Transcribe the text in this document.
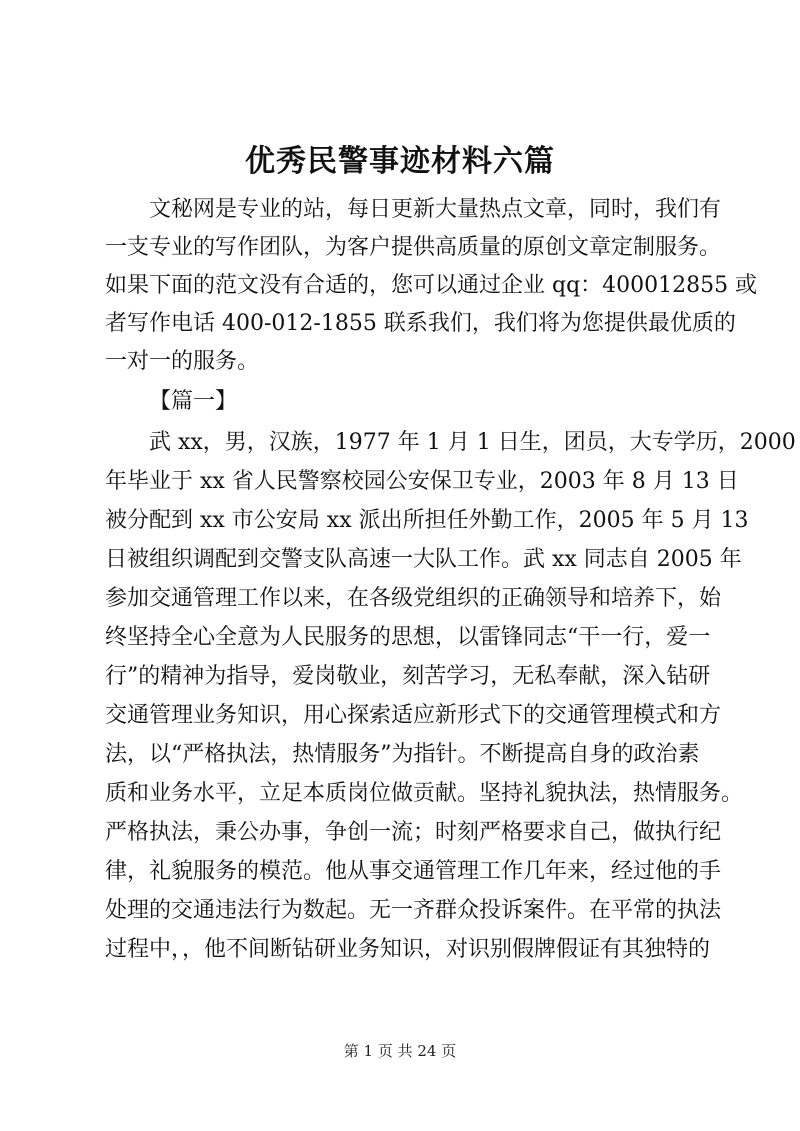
优秀民警事迹材料六篇
文秘网是专业的站，每日更新大量热点文章，同时，我们有
一支专业的写作团队，为客户提供高质量的原创文章定制服务。
如果下面的范文没有合适的，您可以通过企业 qq：400012855 或
者写作电话 400-012-1855 联系我们，我们将为您提供最优质的
一对一的服务。
【篇一】
武 xx，男，汉族，1977 年 1 月 1 日生，团员，大专学历，2000
年毕业于 xx 省人民警察校园公安保卫专业，2003 年 8 月 13 日
被分配到 xx 市公安局 xx 派出所担任外勤工作，2005 年 5 月 13
日被组织调配到交警支队高速一大队工作。武 xx 同志自 2005 年
参加交通管理工作以来，在各级党组织的正确领导和培养下，始
终坚持全心全意为人民服务的思想，以雷锋同志“干一行，爱一
行”的精神为指导，爱岗敬业，刻苦学习，无私奉献，深入钻研
交通管理业务知识，用心探索适应新形式下的交通管理模式和方
法，以“严格执法，热情服务”为指针。不断提高自身的政治素
质和业务水平，立足本质岗位做贡献。坚持礼貌执法，热情服务。
严格执法，秉公办事，争创一流；时刻严格要求自己，做执行纪
律，礼貌服务的模范。他从事交通管理工作几年来，经过他的手
处理的交通违法行为数起。无一齐群众投诉案件。在平常的执法
过程中，，他不间断钻研业务知识，对识别假牌假证有其独特的
第 1 页 共 24 页
